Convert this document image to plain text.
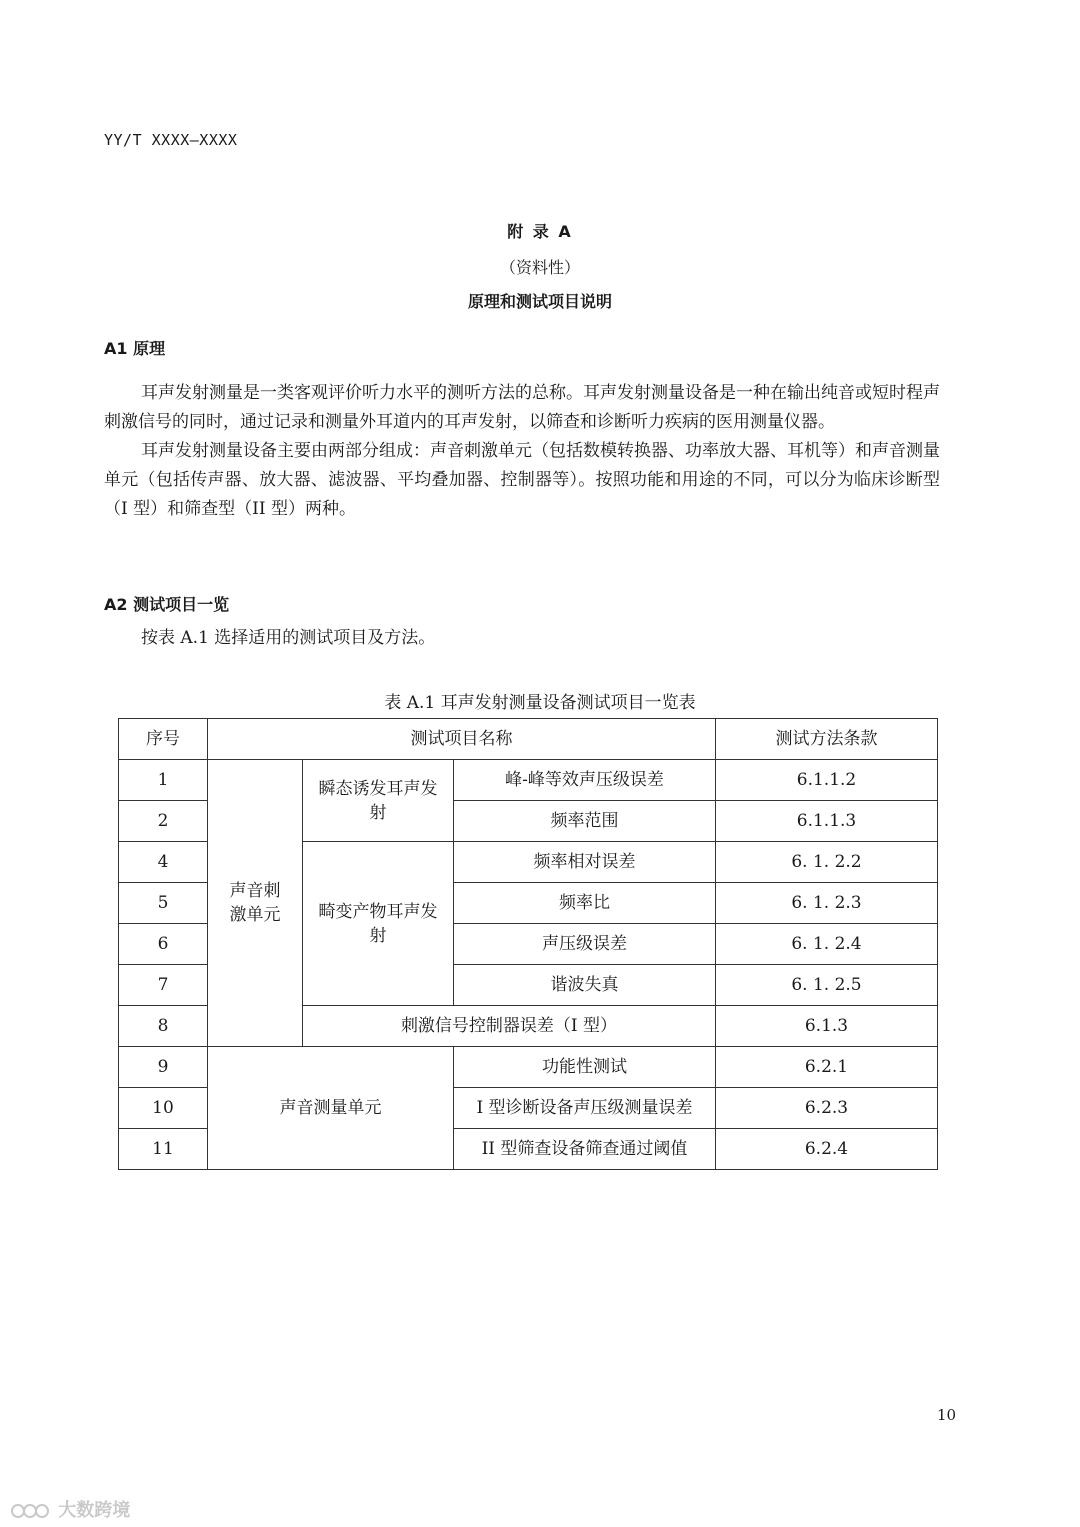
YY/T XXXX—XXXX
附 录 A
（资料性）
原理和测试项目说明
A1 原理

耳声发射测量是一类客观评价听力水平的测听方法的总称。耳声发射测量设备是一种在输出纯音或短时程声刺激信号的同时，通过记录和测量外耳道内的耳声发射，以筛查和诊断听力疾病的医用测量仪器。

耳声发射测量设备主要由两部分组成：声音刺激单元（包括数模转换器、功率放大器、耳机等）和声音测量单元（包括传声器、放大器、滤波器、平均叠加器、控制器等）。按照功能和用途的不同，可以分为临床诊断型（I 型）和筛查型（II 型）两种。

A2 测试项目一览

按表 A.1 选择适用的测试项目及方法。

表 A.1 耳声发射测量设备测试项目一览表
序号	测试项目名称			测试方法条款
1	声音刺激单元	瞬态诱发耳声发射	峰-峰等效声压级误差	6.1.1.2
2			频率范围	6.1.1.3
4		畸变产物耳声发射	频率相对误差	6. 1. 2.2
5			频率比	6. 1. 2.3
6			声压级误差	6. 1. 2.4
7			谐波失真	6. 1. 2.5
8		刺激信号控制器误差（I 型）		6.1.3
9	声音测量单元		功能性测试	6.2.1
10			I 型诊断设备声压级测量误差	6.2.3
11			II 型筛查设备筛查通过阈值	6.2.4
10
大数跨境
